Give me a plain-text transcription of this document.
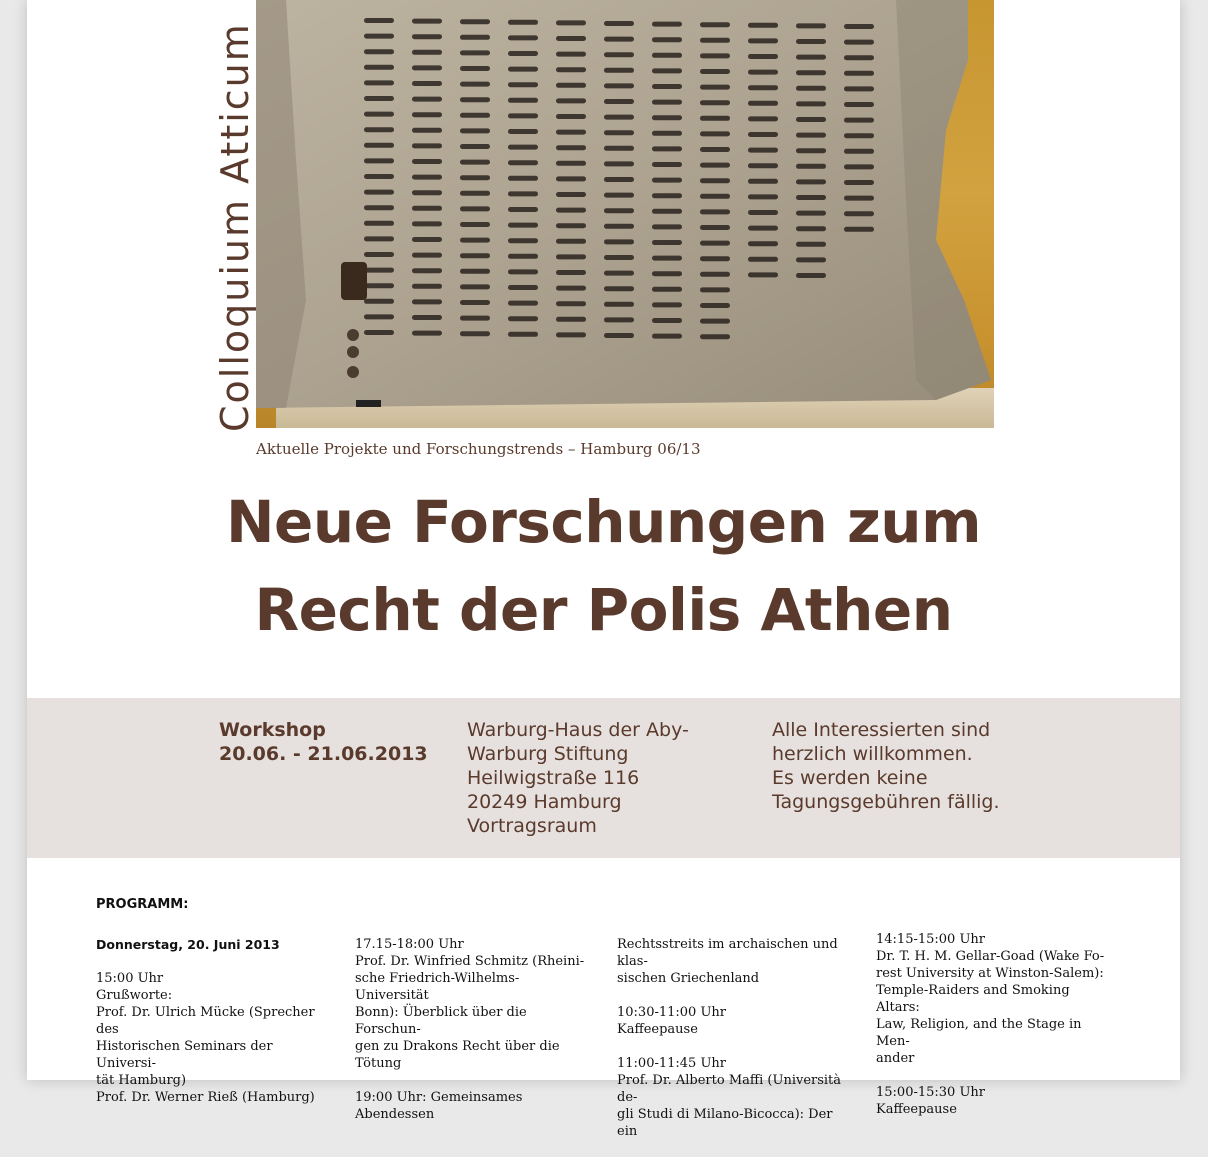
Colloquium Atticum
Aktuelle Projekte und Forschungstrends – Hamburg 06/13
Neue Forschungen zum
Recht der Polis Athen
Workshop
20.06. - 21.06.2013
Warburg-Haus der Aby-
Warburg Stiftung
Heilwigstraße 116
20249 Hamburg
Vortragsraum
Alle Interessierten sind
herzlich willkommen.
Es werden keine
Tagungsgebühren fällig.
PROGRAMM:

Donnerstag, 20. Juni 2013

15:00 Uhr
Grußworte:
Prof. Dr. Ulrich Mücke (Sprecher des
Historischen Seminars der Universi-
tät Hamburg)
Prof. Dr. Werner Rieß (Hamburg)

17.15-18:00 Uhr
Prof. Dr. Winfried Schmitz (Rheini-
sche Friedrich-Wilhelms-Universität
Bonn): Überblick über die Forschun-
gen zu Drakons Recht über die Tötung

19:00 Uhr: Gemeinsames Abendessen

Rechtsstreits im archaischen und klas-
sischen Griechenland

10:30-11:00 Uhr
Kaffeepause

11:00-11:45 Uhr
Prof. Dr. Alberto Maffi (Università de-
gli Studi di Milano-Bicocca): Der ein

14:15-15:00 Uhr
Dr. T. H. M. Gellar-Goad (Wake Fo-
rest University at Winston-Salem):
Temple-Raiders and Smoking Altars:
Law, Religion, and the Stage in Men-
ander

15:00-15:30 Uhr
Kaffeepause
